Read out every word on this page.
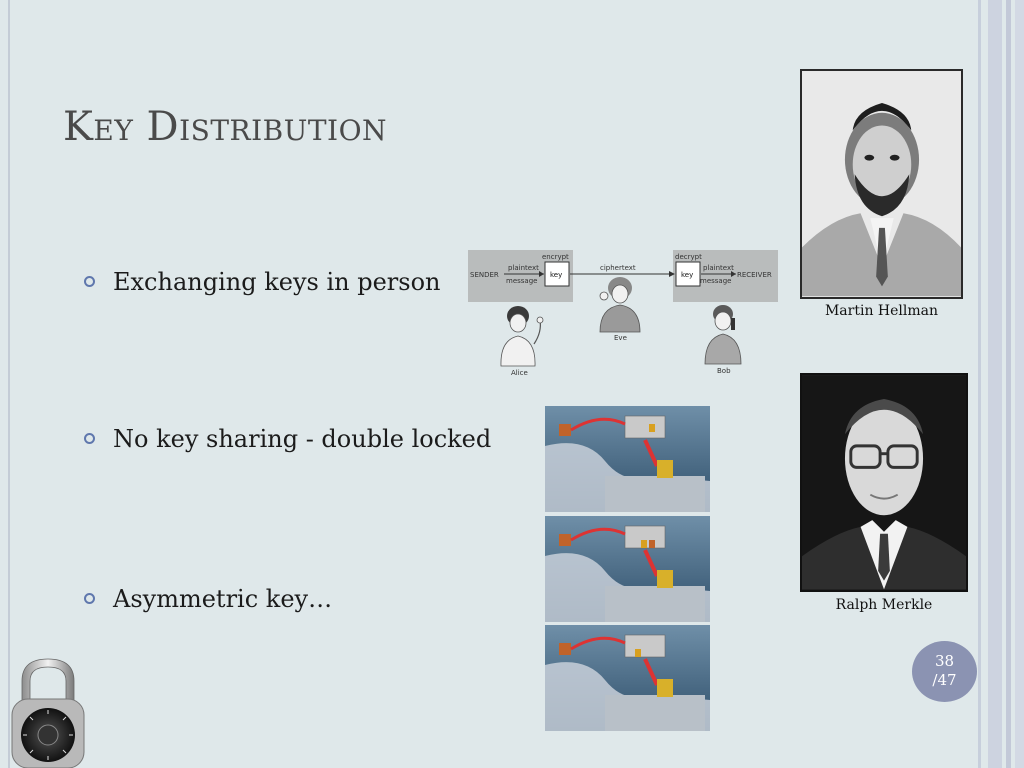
Key Distribution
Exchanging keys in person
No key sharing - double locked
Asymmetric key…
SENDER
plaintext
message
encrypt
key
ciphertext
decrypt
key
plaintext
message
RECEIVER
Alice
Eve
Bob
Martin Hellman
Ralph Merkle
38
/47
